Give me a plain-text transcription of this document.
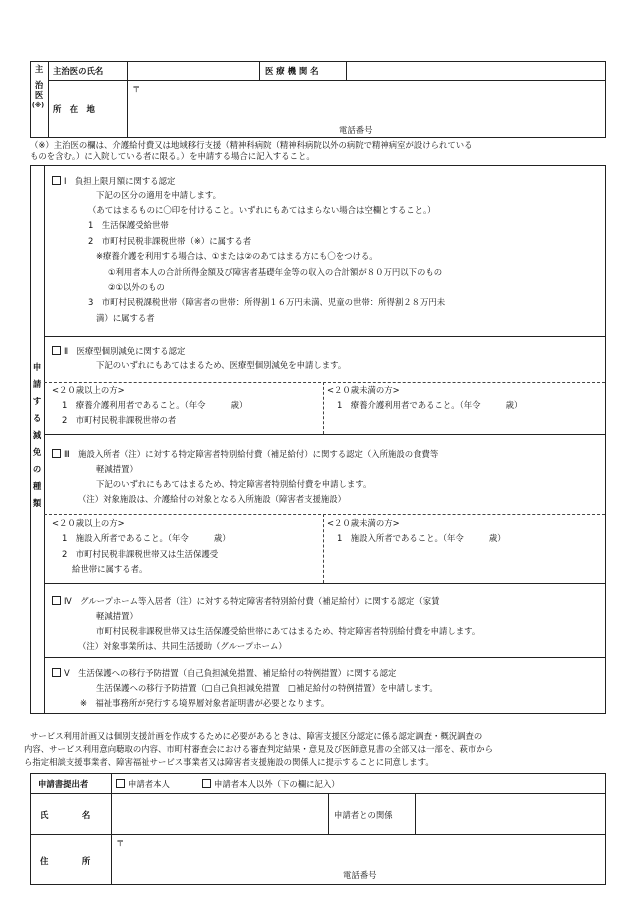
主
治
医
(※)
主治医の氏名	医 療 機 関 名
所　在　地
〒
電話番号
（※）主治医の欄は、介護給付費又は地域移行支援（精神科病院（精神科病院以外の病院で精神病室が設けられている
ものを含む。）に入院している者に限る。）を申請する場合に記入すること。
申
請
す
る
減
免
の
種
類
Ⅰ　負担上限月額に関する認定
下記の区分の適用を申請します。
（あてはまるものに〇印を付けること。いずれにもあてはまらない場合は空欄とすること。）
1　生活保護受給世帯
2　市町村民税非課税世帯（※）に属する者
※療養介護を利用する場合は、①または②のあてはまる方にも〇をつける。
①利用者本人の合計所得金額及び障害者基礎年金等の収入の合計額が８０万円以下のもの
②①以外のもの
3　市町村民税課税世帯（障害者の世帯：所得割１６万円未満、児童の世帯：所得割２８万円未
満）に属する者
Ⅱ　医療型個別減免に関する認定
下記のいずれにもあてはまるため、医療型個別減免を申請します。
<２０歳以上の方>
1　療養介護利用者であること。（年令　　　歳）
2　市町村民税非課税世帯の者
<２０歳未満の方>
1　療養介護利用者であること。（年令　　　歳）
Ⅲ　施設入所者（注）に対する特定障害者特別給付費（補足給付）に関する認定（入所施設の食費等
軽減措置）
下記のいずれにもあてはまるため、特定障害者特別給付費を申請します。
（注）対象施設は、介護給付の対象となる入所施設（障害者支援施設）
<２０歳以上の方>
1　施設入所者であること。（年令　　　歳）
2　市町村民税非課税世帯又は生活保護受
給世帯に属する者。
<２０歳未満の方>
1　施設入所者であること。（年令　　　歳）
Ⅳ　グループホーム等入居者（注）に対する特定障害者特別給付費（補足給付）に関する認定（家賃
軽減措置）
市町村民税非課税世帯又は生活保護受給世帯にあてはまるため、特定障害者特別給付費を申請します。
（注）対象事業所は、共同生活援助（グループホーム）
Ⅴ　生活保護への移行予防措置（自己負担減免措置、補足給付の特例措置）に関する認定
生活保護への移行予防措置（□自己負担減免措置　□補足給付の特例措置）を申請します。
※　福祉事務所が発行する境界層対象者証明書が必要となります。
サービス利用計画又は個別支援計画を作成するために必要があるときは、障害支援区分認定に係る認定調査・概況調査の
内容、サービス利用意向聴取の内容、市町村審査会における審査判定結果・意見及び医師意見書の全部又は一部を、萩市から
ら指定相談支援事業者、障害福祉サービス事業者又は障害者支援施設の関係人に提示することに同意します。
申請書提出者	申請者本人	申請者本人以外（下の欄に記入）
氏　　　　名	申請者との関係
住　　　　所
〒
電話番号
